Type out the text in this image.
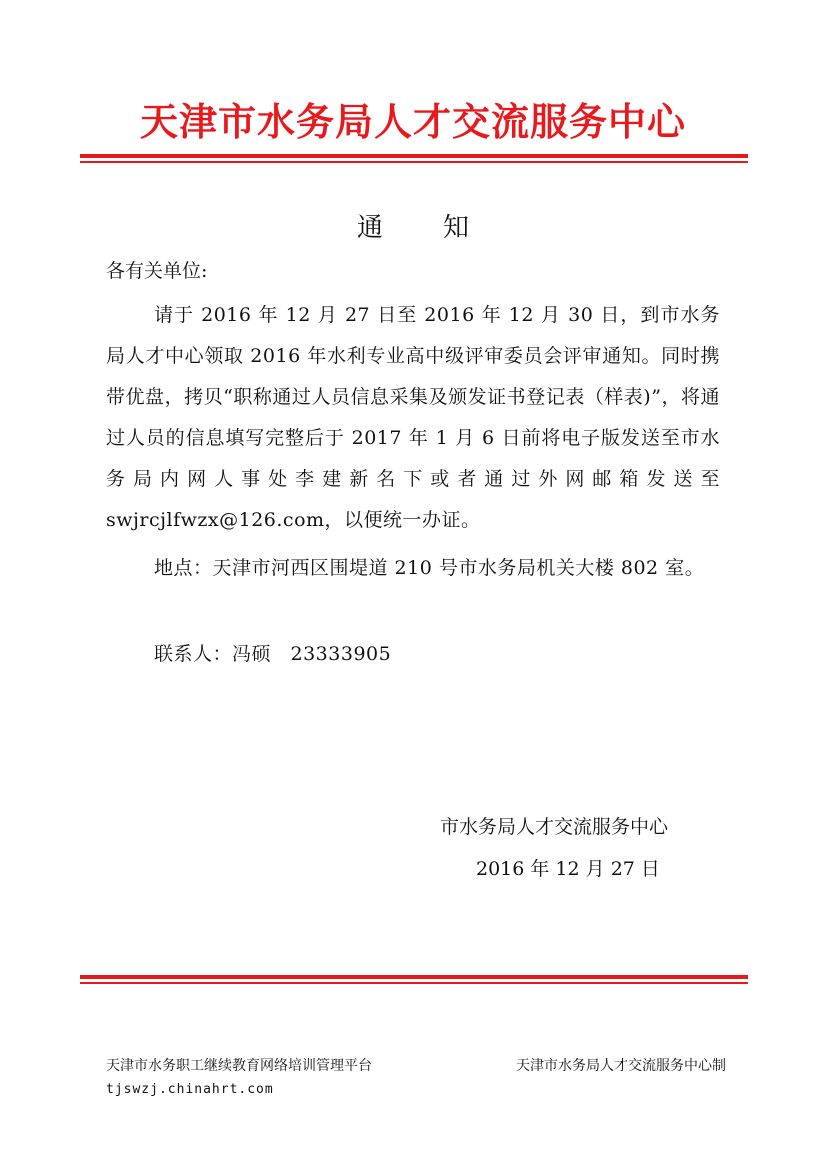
天津市水务局人才交流服务中心
通知
各有关单位:
请于 2016 年 12 月 27 日至 2016 年 12 月 30 日，到市水务局人才中心领取 2016 年水利专业高中级评审委员会评审通知。同时携带优盘，拷贝“职称通过人员信息采集及颁发证书登记表（样表)”，将通过人员的信息填写完整后于 2017 年 1 月 6 日前将电子版发送至市水务局内网人事处李建新名下或者通过外网邮箱发送至 swjrcjlfwzx@126.com，以便统一办证。
地点：天津市河西区围堤道 210 号市水务局机关大楼 802 室。
联系人：冯硕　23333905
市水务局人才交流服务中心
2016 年 12 月 27 日
天津市水务职工继续教育网络培训管理平台	天津市水务局人才交流服务中心制
tjswzj.chinahrt.com
